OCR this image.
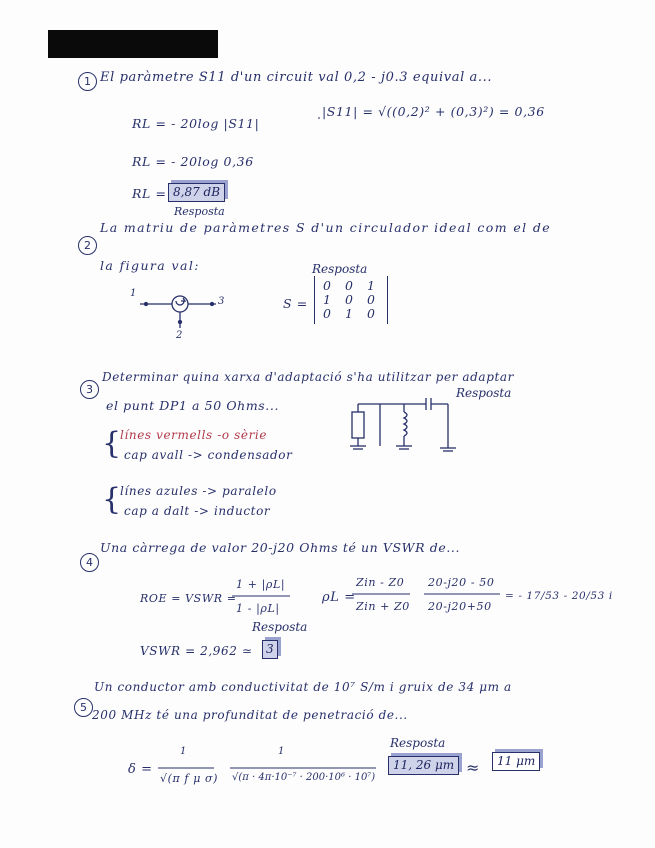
1 El paràmetre S11 d'un circuit val 0,2 - j0.3 equival a...
RL = - 20log |S11|
|S11| = √((0,2)² + (0,3)²) = 0,36
RL = - 20log 0,36
RL = 8,87 dB
Resposta
2
La matriu de paràmetres S d'un circulador ideal com el de
la figura val:	Resposta
S =
0 0 1
1 0 0
0 1 0
1
2
3
3
Determinar quina xarxa d'adaptació s'ha utilitzar per adaptar
el punt DP1 a 50 Ohms...
Resposta
{
línes vermells -o sèrie
cap avall -> condensador
{
línes azules -> paralelo
cap a dalt -> inductor
4
Una càrrega de valor 20-j20 Ohms té un VSWR de...
ROE = VSWR =
1 + |ρL|
1 - |ρL|
ρL =
Zin - Z0
Zin + Z0
20-j20 - 50
20-j20+50
= - 17/53 - 20/53 i
Resposta
VSWR = 2,962 ≃	3
5
Un conductor amb conductivitat de 10⁷ S/m i gruix de 34 μm a
200 MHz té una profunditat de penetració de...
δ =
1
√(π f μ σ)
1
√(π · 4π·10⁻⁷ · 200·10⁶ · 10⁷)
Resposta
11, 26 μm ≈	11 μm
